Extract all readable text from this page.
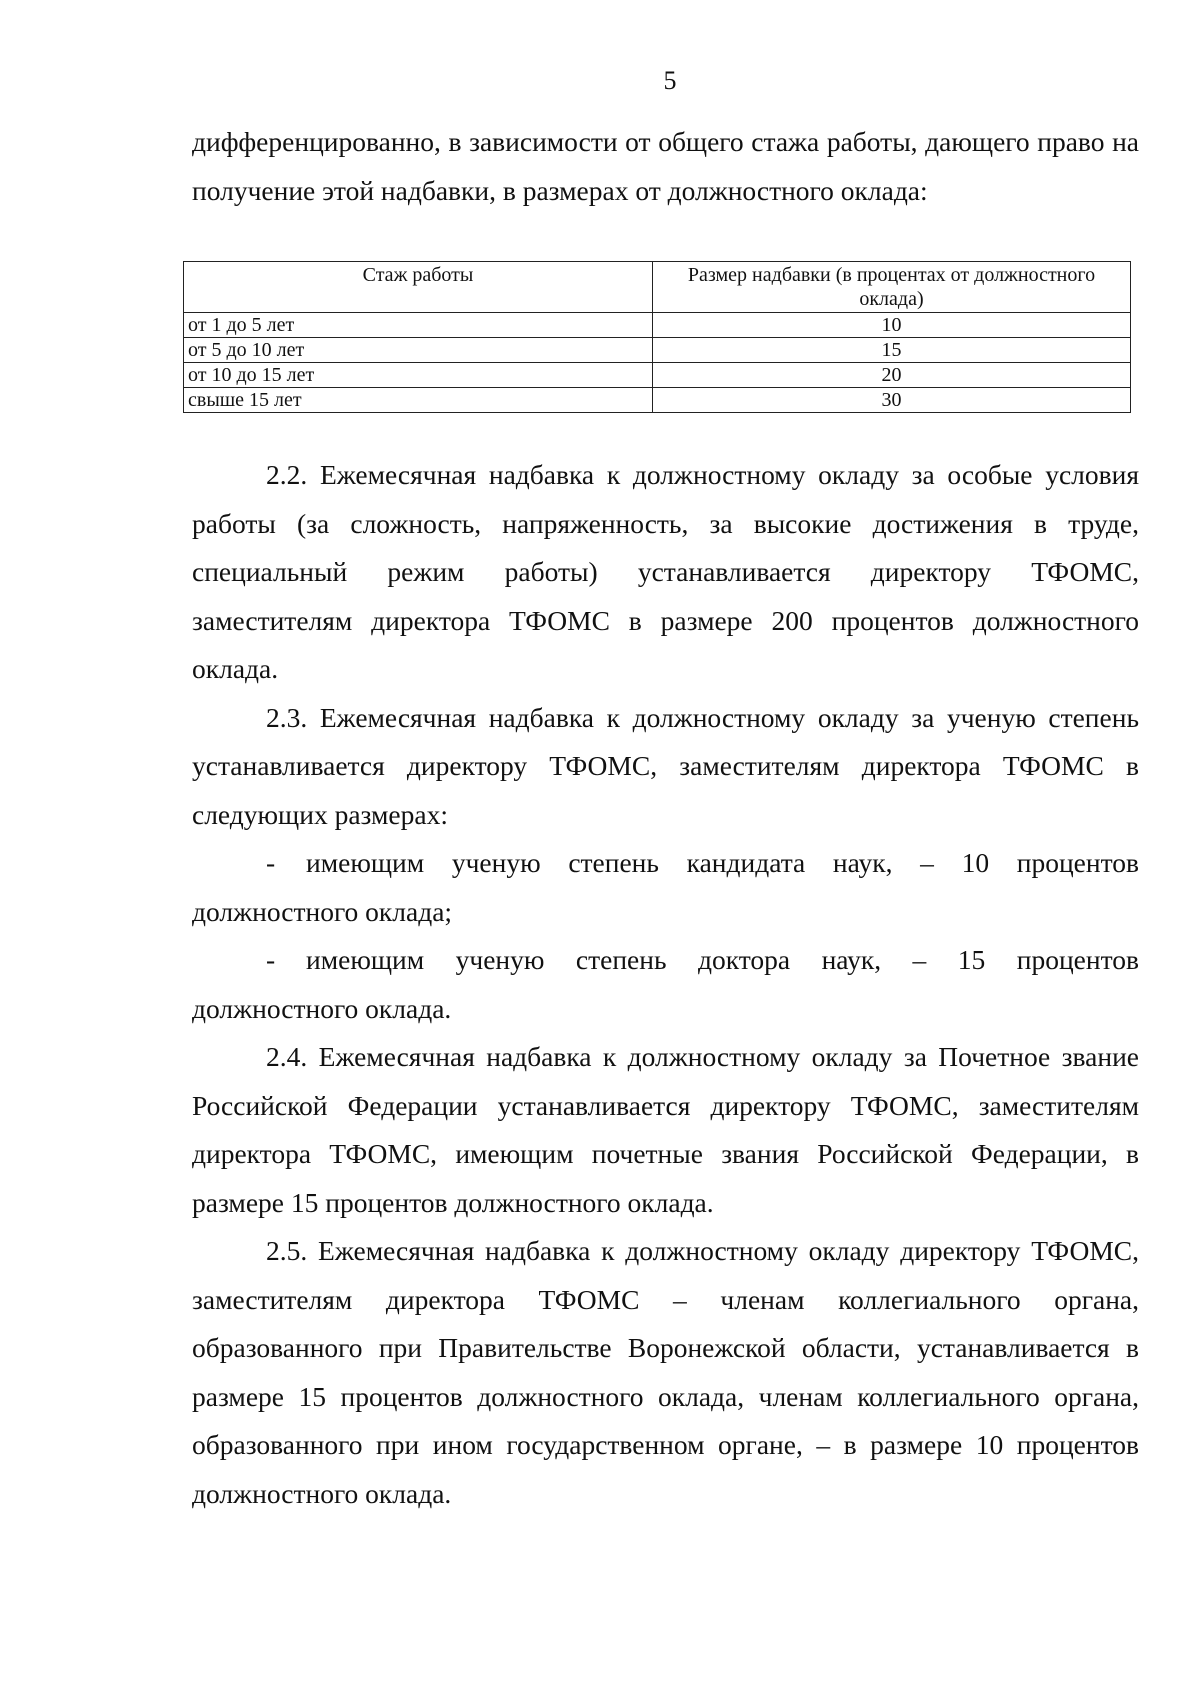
5

дифференцированно, в зависимости от общего стажа работы, дающего право на получение этой надбавки, в размерах от должностного оклада:

Стаж работы	Размер надбавки (в процентах от должностного оклада)
от 1 до 5 лет	10
от 5 до 10 лет	15
от 10 до 15 лет	20
свыше 15 лет	30

2.2. Ежемесячная надбавка к должностному окладу за особые условия работы (за сложность, напряженность, за высокие достижения в труде, специальный режим работы) устанавливается директору ТФОМС, заместителям директора ТФОМС в размере 200 процентов должностного оклада.

2.3. Ежемесячная надбавка к должностному окладу за ученую степень устанавливается директору ТФОМС, заместителям директора ТФОМС в следующих размерах:

- имеющим ученую степень кандидата наук, – 10 процентов должностного оклада;

- имеющим ученую степень доктора наук, – 15 процентов должностного оклада.

2.4. Ежемесячная надбавка к должностному окладу за Почетное звание Российской Федерации устанавливается директору ТФОМС, заместителям директора ТФОМС, имеющим почетные звания Российской Федерации, в размере 15 процентов должностного оклада.

2.5. Ежемесячная надбавка к должностному окладу директору ТФОМС, заместителям директора ТФОМС – членам коллегиального органа, образованного при Правительстве Воронежской области, устанавливается в размере 15 процентов должностного оклада, членам коллегиального органа, образованного при ином государственном органе, – в размере 10 процентов должностного оклада.
